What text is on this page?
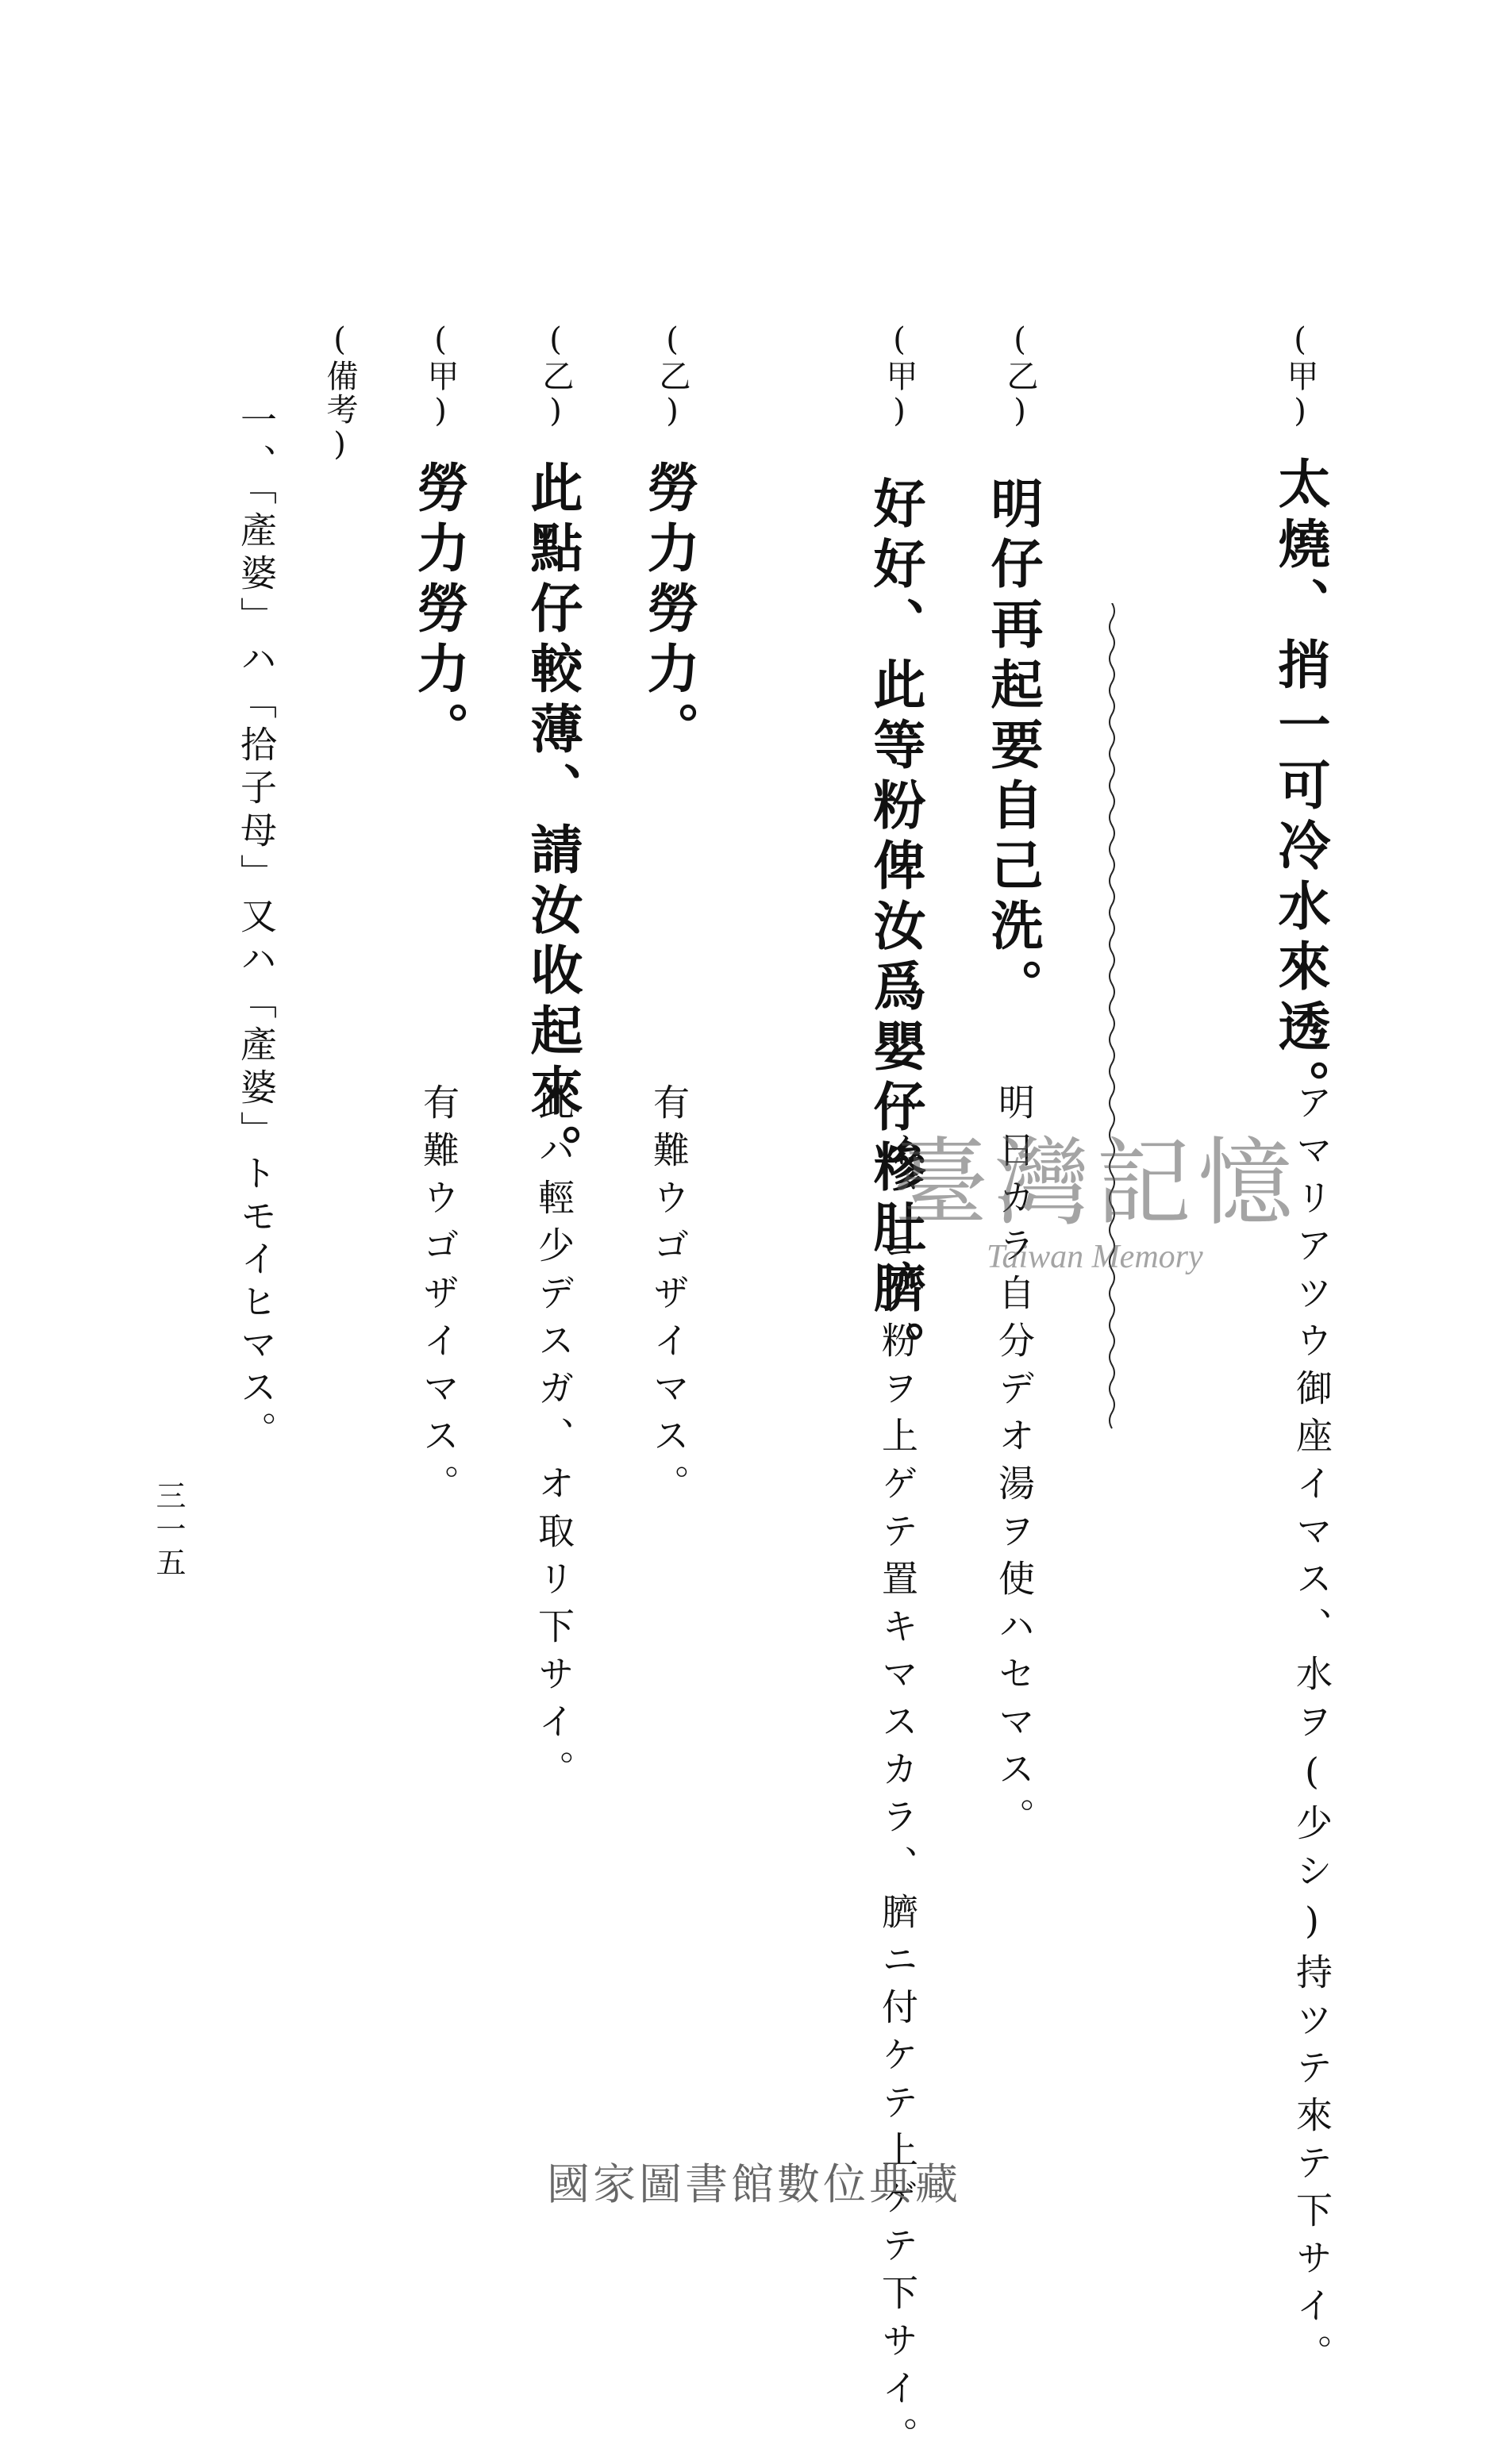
(甲)
太燒、捎一可冷水來透。
アマリアツウ御座イマス、水ヲ(少シ)持ツテ來テ下サイ。
(乙)
明仔再起要自己洗。
明日カラ自分デオ湯ヲ使ハセマス。
(甲)
好好、此等粉俾汝爲嬰仔糝肚臍。
ハイ、コノ粉ヲ上ゲテ置キマスカラ、臍ニ付ケテ上ゲテ下サイ。
(乙)
勞力勞力。
有難ウゴザイマス。
(乙)
此點仔較薄、請汝收起來。
此ハ輕少デスガ、オ取リ下サイ。
(甲)
勞力勞力。
有難ウゴザイマス。
(備考)
一、「產婆」ハ「拾子母」又ハ「產婆」トモイヒマス。
三一五
臺灣記憶
Taiwan Memory
國家圖書館數位典藏
